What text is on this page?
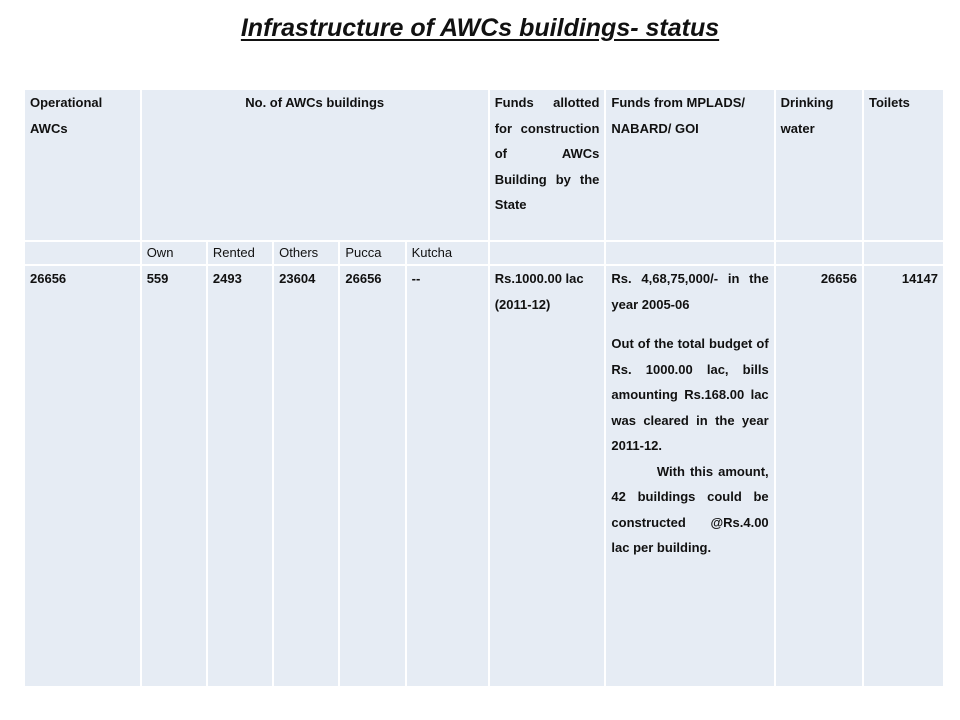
Infrastructure of AWCs buildings- status
Operational AWCs	No. of AWCs buildings					Funds allotted for construction of AWCs Building by the State	Funds from MPLADS/ NABARD/ GOI	Drinking water	Toilets
	Own	Rented	Others	Pucca	Kutcha				
26656	559	2493	23604	26656	--	Rs.1000.00 lac (2011-12)	Rs. 4,68,75,000/- in the year 2005-06
Out of the total budget of Rs. 1000.00 lac, bills amounting Rs.168.00 lac was cleared in the year 2011-12.
With this amount, 42 buildings could be constructed @Rs.4.00 lac per building.	26656	14147
